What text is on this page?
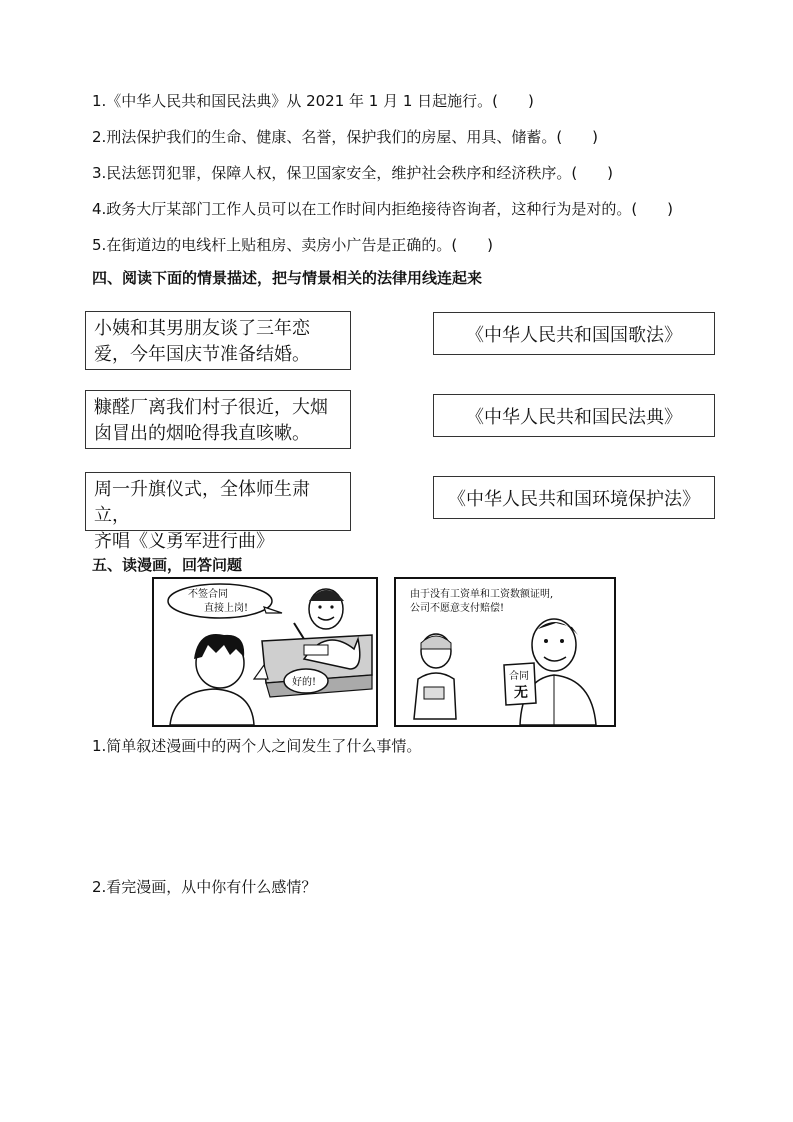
1.《中华人民共和国民法典》从 2021 年 1 月 1 日起施行。(　　)
2.刑法保护我们的生命、健康、名誉，保护我们的房屋、用具、储蓄。(　　)
3.民法惩罚犯罪，保障人权，保卫国家安全，维护社会秩序和经济秩序。(　　)
4.政务大厅某部门工作人员可以在工作时间内拒绝接待咨询者，这种行为是对的。(　　)
5.在街道边的电线杆上贴租房、卖房小广告是正确的。(　　)
四、阅读下面的情景描述，把与情景相关的法律用线连起来
小姨和其男朋友谈了三年恋
爱，今年国庆节准备结婚。
糠醛厂离我们村子很近，大烟
囱冒出的烟呛得我直咳嗽。
周一升旗仪式，全体师生肃立，
齐唱《义勇军进行曲》
《中华人民共和国国歌法》
《中华人民共和国民法典》
《中华人民共和国环境保护法》
五、读漫画，回答问题
不签合同
直接上岗!
好的!
由于没有工资单和工资数额证明,
公司不愿意支付赔偿!
合同
无
1.简单叙述漫画中的两个人之间发生了什么事情。
2.看完漫画，从中你有什么感情？
